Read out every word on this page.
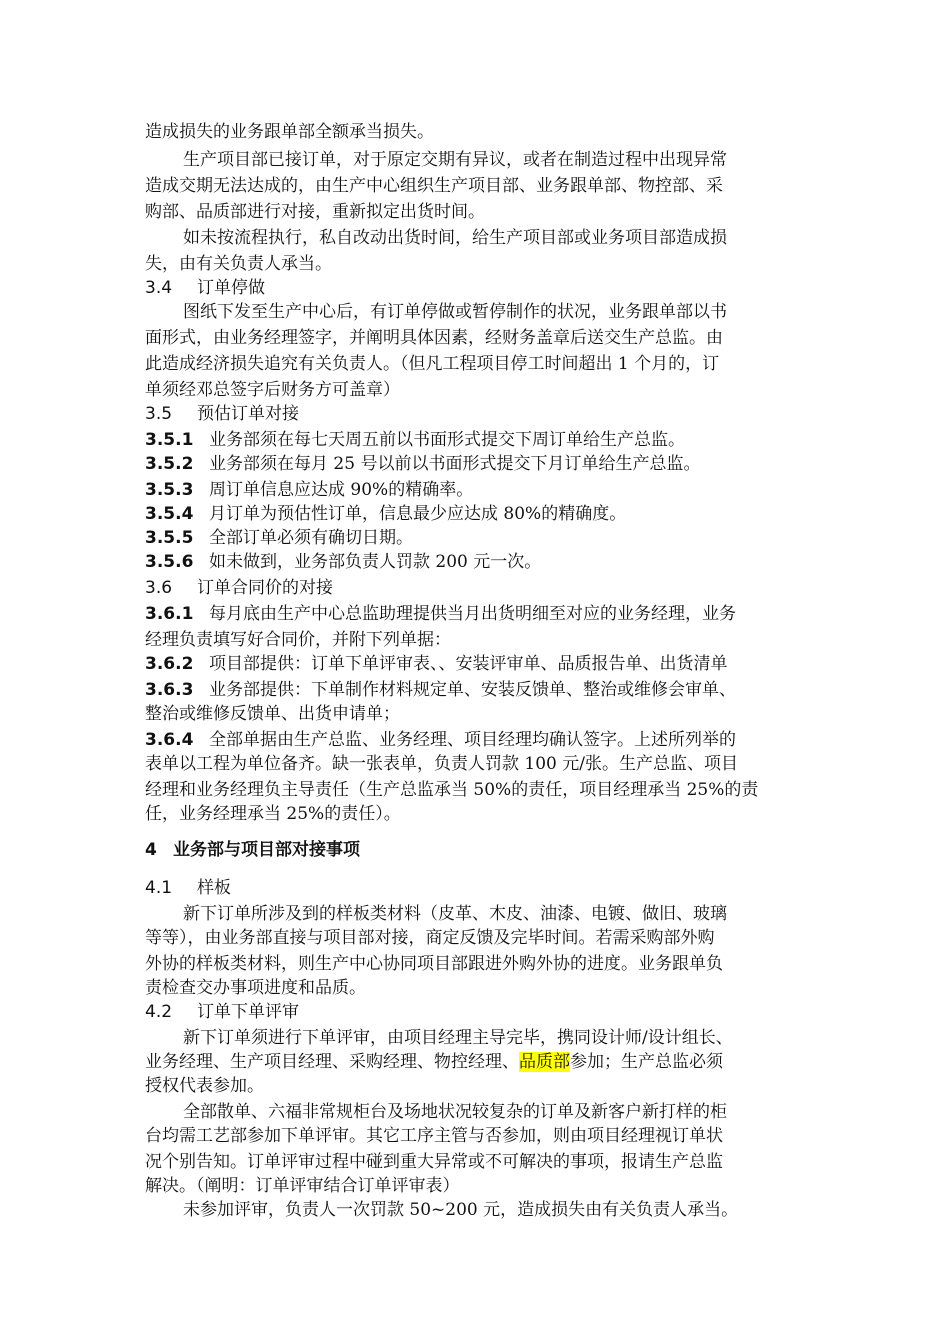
造成损失的业务跟单部全额承当损失。
生产项目部已接订单，对于原定交期有异议，或者在制造过程中出现异常
造成交期无法达成的，由生产中心组织生产项目部、业务跟单部、物控部、采
购部、品质部进行对接，重新拟定出货时间。
如未按流程执行，私自改动出货时间，给生产项目部或业务项目部造成损
失，由有关负责人承当。
3.4 订单停做
图纸下发至生产中心后，有订单停做或暂停制作的状况，业务跟单部以书
面形式，由业务经理签字，并阐明具体因素，经财务盖章后送交生产总监。由
此造成经济损失追究有关负责人。（但凡工程项目停工时间超出 1 个月的，订
单须经邓总签字后财务方可盖章）
3.5 预估订单对接
3.5.1 业务部须在每七天周五前以书面形式提交下周订单给生产总监。
3.5.2 业务部须在每月 25 号以前以书面形式提交下月订单给生产总监。
3.5.3 周订单信息应达成 90%的精确率。
3.5.4 月订单为预估性订单，信息最少应达成 80%的精确度。
3.5.5 全部订单必须有确切日期。
3.5.6 如未做到，业务部负责人罚款 200 元一次。
3.6 订单合同价的对接
3.6.1 每月底由生产中心总监助理提供当月出货明细至对应的业务经理，业务
经理负责填写好合同价，并附下列单据：
3.6.2 项目部提供：订单下单评审表、、安装评审单、品质报告单、出货清单
3.6.3 业务部提供：下单制作材料规定单、安装反馈单、整治或维修会审单、
整治或维修反馈单、出货申请单；
3.6.4 全部单据由生产总监、业务经理、项目经理均确认签字。上述所列举的
表单以工程为单位备齐。缺一张表单，负责人罚款 100 元/张。生产总监、项目
经理和业务经理负主导责任（生产总监承当 50%的责任，项目经理承当 25%的责
任，业务经理承当 25%的责任）。
4 业务部与项目部对接事项
4.1 样板
新下订单所涉及到的样板类材料（皮革、木皮、油漆、电镀、做旧、玻璃
等等），由业务部直接与项目部对接，商定反馈及完毕时间。若需采购部外购
外协的样板类材料，则生产中心协同项目部跟进外购外协的进度。业务跟单负
责检查交办事项进度和品质。
4.2 订单下单评审
新下订单须进行下单评审，由项目经理主导完毕，携同设计师/设计组长、
业务经理、生产项目经理、采购经理、物控经理、品质部参加；生产总监必须
授权代表参加。
全部散单、六福非常规柜台及场地状况较复杂的订单及新客户新打样的柜
台均需工艺部参加下单评审。其它工序主管与否参加，则由项目经理视订单状
况个别告知。订单评审过程中碰到重大异常或不可解决的事项，报请生产总监
解决。（阐明：订单评审结合订单评审表）
未参加评审，负责人一次罚款 50~200 元，造成损失由有关负责人承当。
